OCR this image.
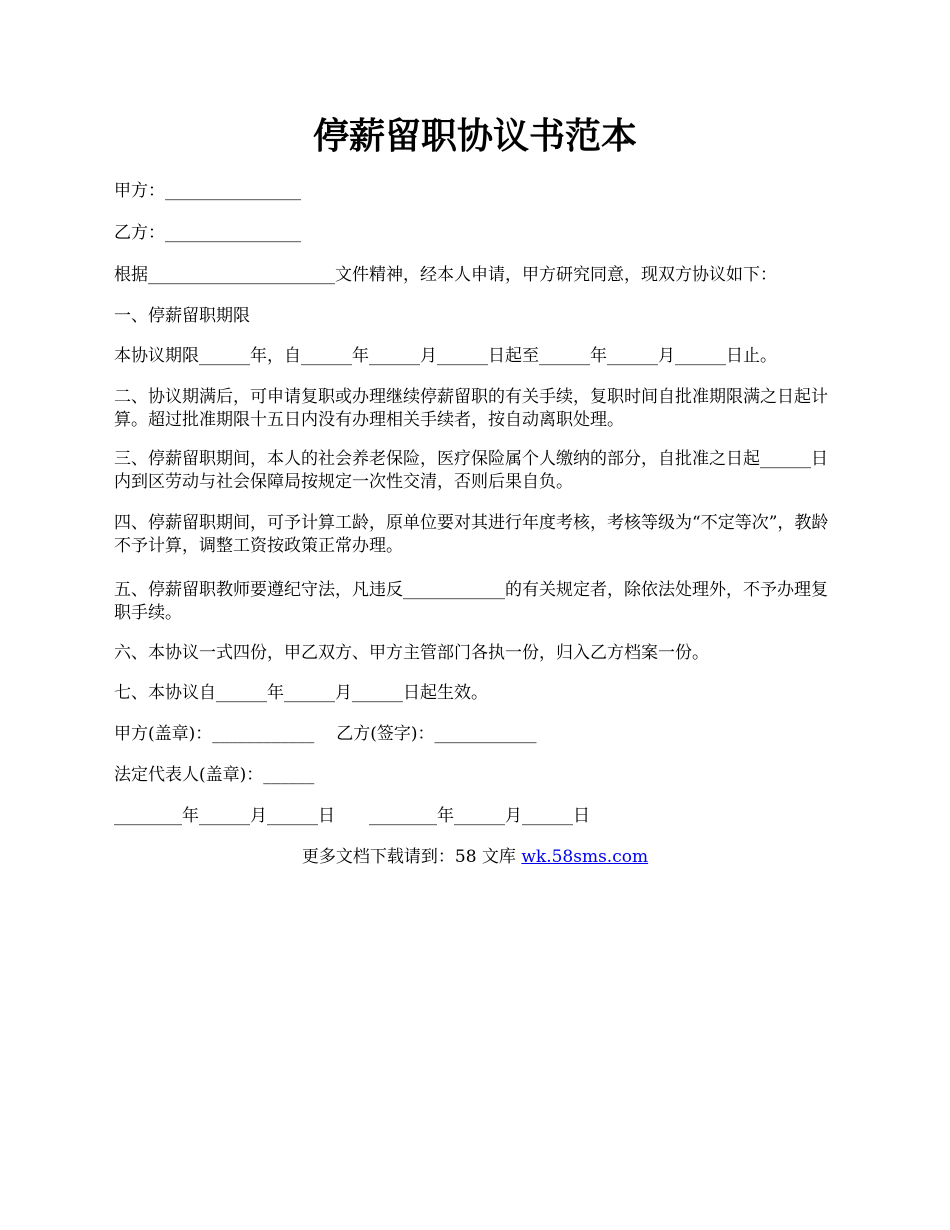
停薪留职协议书范本

甲方：________________

乙方：________________

根据______________________文件精神，经本人申请，甲方研究同意，现双方协议如下：

一、停薪留职期限

本协议期限______年，自______年______月______日起至______年______月______日止。

二、协议期满后，可申请复职或办理继续停薪留职的有关手续，复职时间自批准期限满之日起计算。超过批准期限十五日内没有办理相关手续者，按自动离职处理。

三、停薪留职期间，本人的社会养老保险，医疗保险属个人缴纳的部分，自批准之日起______日内到区劳动与社会保障局按规定一次性交清，否则后果自负。

四、停薪留职期间，可予计算工龄，原单位要对其进行年度考核，考核等级为“不定等次”，教龄不予计算，调整工资按政策正常办理。

五、停薪留职教师要遵纪守法，凡违反____________的有关规定者，除依法处理外，不予办理复职手续。

六、本协议一式四份，甲乙双方、甲方主管部门各执一份，归入乙方档案一份。

七、本协议自______年______月______日起生效。

甲方(盖章)：____________ 乙方(签字)：____________

法定代表人(盖章)：______

________年______月______日 ________年______月______日

更多文档下载请到：58 文库 wk.58sms.com
